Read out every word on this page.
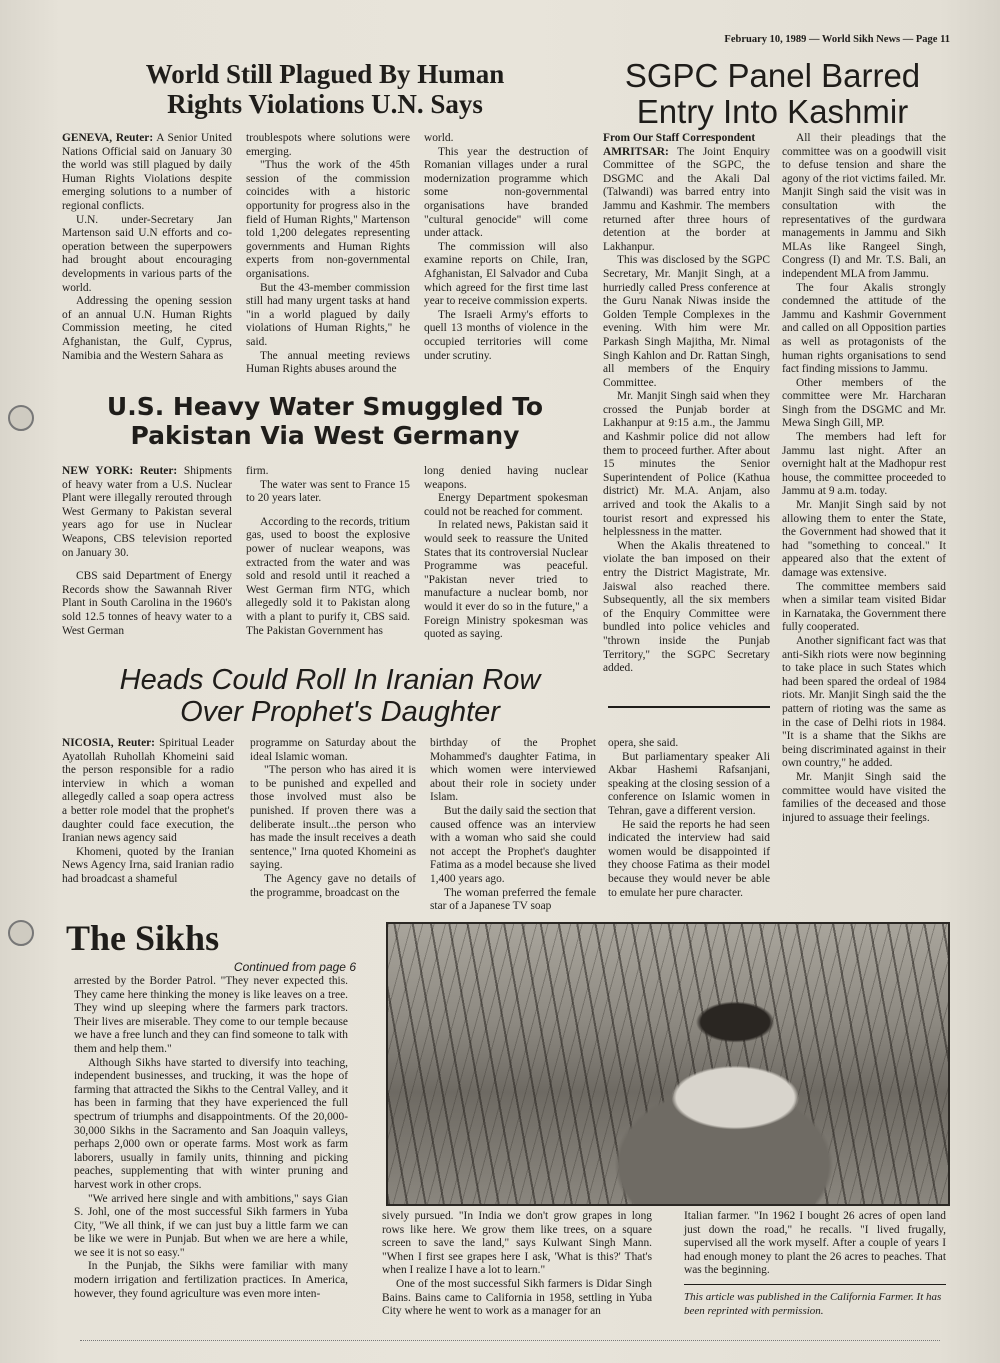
February 10, 1989 — World Sikh News — Page 11
World Still Plagued By Human
Rights Violations U.N. Says

GENEVA, Reuter: A Senior United Nations Official said on January 30 the world was still plagued by daily Human Rights Violations despite emerging solutions to a number of regional conflicts.

U.N. under-Secretary Jan Martenson said U.N efforts and co-operation between the superpowers had brought about encouraging developments in various parts of the world.

Addressing the opening session of an annual U.N. Human Rights Commission meeting, he cited Afghanistan, the Gulf, Cyprus, Namibia and the Western Sahara as

troublespots where solutions were emerging.

"Thus the work of the 45th session of the commission coincides with a historic opportunity for progress also in the field of Human Rights," Martenson told 1,200 delegates representing governments and Human Rights experts from non-governmental organisations.

But the 43-member commission still had many urgent tasks at hand "in a world plagued by daily violations of Human Rights," he said.

The annual meeting reviews Human Rights abuses around the

world.

This year the destruction of Romanian villages under a rural modernization programme which some non-governmental organisations have branded "cultural genocide" will come under attack.

The commission will also examine reports on Chile, Iran, Afghanistan, El Salvador and Cuba which agreed for the first time last year to receive commission experts.

The Israeli Army's efforts to quell 13 months of violence in the occupied territories will come under scrutiny.

U.S. Heavy Water Smuggled To
Pakistan Via West Germany

NEW YORK: Reuter: Shipments of heavy water from a U.S. Nuclear Plant were illegally rerouted through West Germany to Pakistan several years ago for use in Nuclear Weapons, CBS television reported on January 30.

CBS said Department of Energy Records show the Sawannah River Plant in South Carolina in the 1960's sold 12.5 tonnes of heavy water to a West German

firm.

The water was sent to France 15 to 20 years later.

According to the records, tritium gas, used to boost the explosive power of nuclear weapons, was extracted from the water and was sold and resold until it reached a West German firm NTG, which allegedly sold it to Pakistan along with a plant to purify it, CBS said. The Pakistan Government has

long denied having nuclear weapons.

Energy Department spokesman could not be reached for comment.

In related news, Pakistan said it would seek to reassure the United States that its controversial Nuclear Programme was peaceful. "Pakistan never tried to manufacture a nuclear bomb, nor would it ever do so in the future," a Foreign Ministry spokesman was quoted as saying.

Heads Could Roll In Iranian Row
Over Prophet's Daughter

NICOSIA, Reuter: Spiritual Leader Ayatollah Ruhollah Khomeini said the person responsible for a radio interview in which a woman allegedly called a soap opera actress a better role model that the prophet's daughter could face execution, the Iranian news agency said

Khomeni, quoted by the Iranian News Agency Irna, said Iranian radio had broadcast a shameful

programme on Saturday about the ideal Islamic woman.

"The person who has aired it is to be punished and expelled and those involved must also be punished. If proven there was a deliberate insult...the person who has made the insult receives a death sentence," Irna quoted Khomeini as saying.

The Agency gave no details of the programme, broadcast on the

birthday of the Prophet Mohammed's daughter Fatima, in which women were interviewed about their role in society under Islam.

But the daily said the section that caused offence was an interview with a woman who said she could not accept the Prophet's daughter Fatima as a model because she lived 1,400 years ago.

The woman preferred the female star of a Japanese TV soap

opera, she said.

But parliamentary speaker Ali Akbar Hashemi Rafsanjani, speaking at the closing session of a conference on Islamic women in Tehran, gave a different version.

He said the reports he had seen indicated the interview had said women would be disappointed if they choose Fatima as their model because they would never be able to emulate her pure character.

SGPC Panel Barred
Entry Into Kashmir

From Our Staff Correspondent

AMRITSAR: The Joint Enquiry Committee of the SGPC, the DSGMC and the Akali Dal (Talwandi) was barred entry into Jammu and Kashmir. The members returned after three hours of detention at the border at Lakhanpur.

This was disclosed by the SGPC Secretary, Mr. Manjit Singh, at a hurriedly called Press conference at the Guru Nanak Niwas inside the Golden Temple Complexes in the evening. With him were Mr. Parkash Singh Majitha, Mr. Nimal Singh Kahlon and Dr. Rattan Singh, all members of the Enquiry Committee.

Mr. Manjit Singh said when they crossed the Punjab border at Lakhanpur at 9:15 a.m., the Jammu and Kashmir police did not allow them to proceed further. After about 15 minutes the Senior Superintendent of Police (Kathua district) Mr. M.A. Anjam, also arrived and took the Akalis to a tourist resort and expressed his helplessness in the matter.

When the Akalis threatened to violate the ban imposed on their entry the District Magistrate, Mr. Jaiswal also reached there. Subsequently, all the six members of the Enquiry Committee were bundled into police vehicles and "thrown inside the Punjab Territory," the SGPC Secretary added.

All their pleadings that the committee was on a goodwill visit to defuse tension and share the agony of the riot victims failed. Mr. Manjit Singh said the visit was in consultation with the representatives of the gurdwara managements in Jammu and Sikh MLAs like Rangeel Singh, Congress (I) and Mr. T.S. Bali, an independent MLA from Jammu.

The four Akalis strongly condemned the attitude of the Jammu and Kashmir Government and called on all Opposition parties as well as protagonists of the human rights organisations to send fact finding missions to Jammu.

Other members of the committee were Mr. Harcharan Singh from the DSGMC and Mr. Mewa Singh Gill, MP.

The members had left for Jammu last night. After an overnight halt at the Madhopur rest house, the committee proceeded to Jammu at 9 a.m. today.

Mr. Manjit Singh said by not allowing them to enter the State, the Government had showed that it had "something to conceal." It appeared also that the extent of damage was extensive.

The committee members said when a similar team visited Bidar in Karnataka, the Government there fully cooperated.

Another significant fact was that anti-Sikh riots were now beginning to take place in such States which had been spared the ordeal of 1984 riots. Mr. Manjit Singh said the the pattern of rioting was the same as in the case of Delhi riots in 1984. "It is a shame that the Sikhs are being discriminated against in their own country," he added.

Mr. Manjit Singh said the committee would have visited the families of the deceased and those injured to assuage their feelings.

The Sikhs
Continued from page 6

arrested by the Border Patrol. "They never expected this. They came here thinking the money is like leaves on a tree. They wind up sleeping where the farmers park tractors. Their lives are miserable. They come to our temple because we have a free lunch and they can find someone to talk with them and help them."

Although Sikhs have started to diversify into teaching, independent businesses, and trucking, it was the hope of farming that attracted the Sikhs to the Central Valley, and it has been in farming that they have experienced the full spectrum of triumphs and disappointments. Of the 20,000-30,000 Sikhs in the Sacramento and San Joaquin valleys, perhaps 2,000 own or operate farms. Most work as farm laborers, usually in family units, thinning and picking peaches, supplementing that with winter pruning and harvest work in other crops.

"We arrived here single and with ambitions," says Gian S. Johl, one of the most successful Sikh farmers in Yuba City, "We all think, if we can just buy a little farm we can be like we were in Punjab. But when we are here a while, we see it is not so easy."

In the Punjab, the Sikhs were familiar with many modern irrigation and fertilization practices. In America, however, they found agriculture was even more inten-

sively pursued. "In India we don't grow grapes in long rows like here. We grow them like trees, on a square screen to save the land," says Kulwant Singh Mann. "When I first see grapes here I ask, 'What is this?' That's when I realize I have a lot to learn."

One of the most successful Sikh farmers is Didar Singh Bains. Bains came to California in 1958, settling in Yuba City where he went to work as a manager for an

Italian farmer. "In 1962 I bought 26 acres of open land just down the road," he recalls. "I lived frugally, supervised all the work myself. After a couple of years I had enough money to plant the 26 acres to peaches. That was the beginning.

This article was published in the California Farmer. It has been reprinted with permission.
